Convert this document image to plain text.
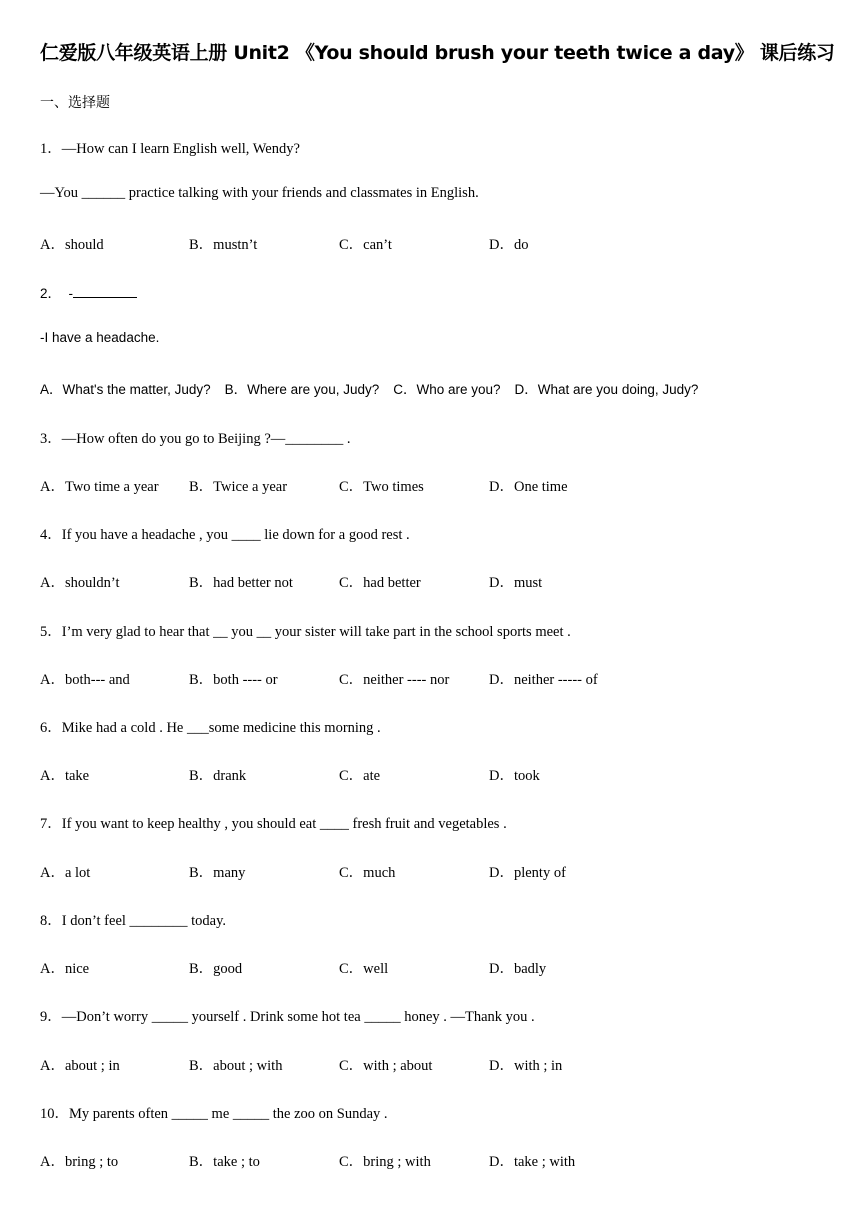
仁爱版八年级英语上册 Unit2 《You should brush your teeth twice a day》 课后练习
一、选择题
1．—How can I learn English well, Wendy?
—You ______ practice talking with your friends and classmates in English.
A．should	B．mustn’t	C．can’t	D．do
2． -
-I have a headache.
A．What's the matter, Judy? B．Where are you, Judy? C．Who are you? D．What are you doing, Judy?
3．—How often do you go to Beijing ?—________ .
A．Two time a year B．Twice a year	C．Two times	D．One time
4．If you have a headache , you ____ lie down for a good rest .
A．shouldn’t	B．had better not	C．had better	D．must
5．I’m very glad to hear that __ you __ your sister will take part in the school sports meet .
A．both--- and	B．both ---- or	C．neither ---- nor	D．neither ----- of
6．Mike had a cold . He ___some medicine this morning .
A．take	B．drank	C．ate	D．took
7．If you want to keep healthy , you should eat ____ fresh fruit and vegetables .
A．a lot	B．many	C．much	D．plenty of
8．I don’t feel ________ today.
A．nice	B．good	C．well	D．badly
9．—Don’t worry _____ yourself . Drink some hot tea _____ honey . —Thank you .
A．about ; in	B．about ; with	C．with ; about	D．with ; in
10．My parents often _____ me _____ the zoo on Sunday .
A．bring ; to	B．take ; to	C．bring ; with	D．take ; with
